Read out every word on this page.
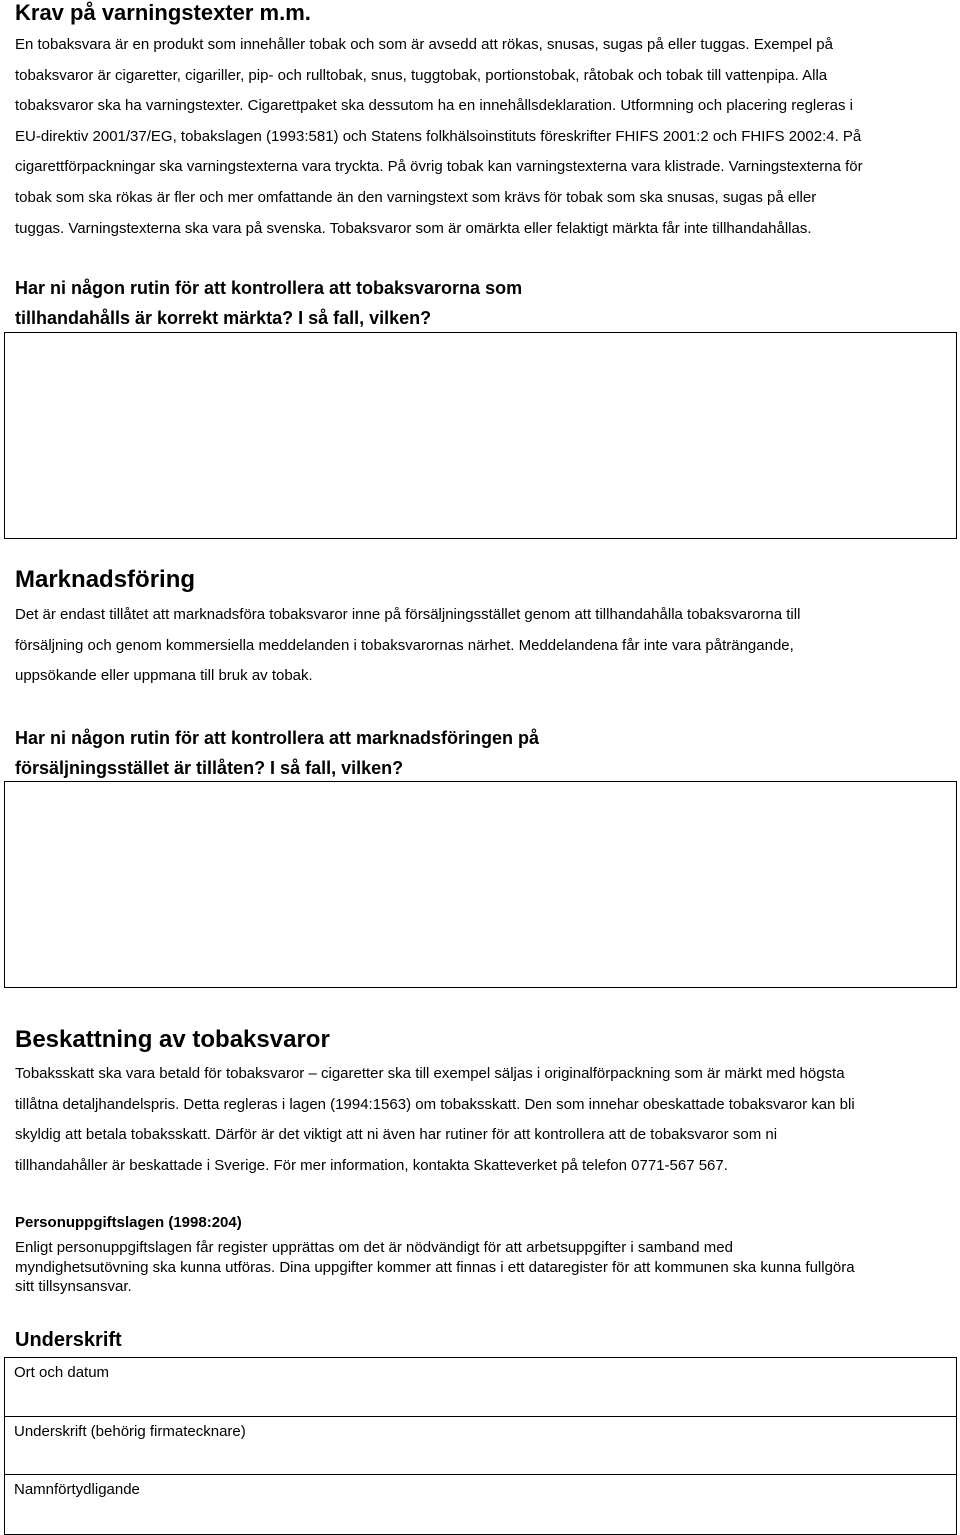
Krav på varningstexter m.m.
En tobaksvara är en produkt som innehåller tobak och som är avsedd att rökas, snusas, sugas på eller tuggas. Exempel på
tobaksvaror är cigaretter, cigariller, pip- och rulltobak, snus, tuggtobak, portionstobak, råtobak och tobak till vattenpipa. Alla
tobaksvaror ska ha varningstexter. Cigarettpaket ska dessutom ha en innehållsdeklaration. Utformning och placering regleras i
EU-direktiv 2001/37/EG, tobakslagen (1993:581) och Statens folkhälsoinstituts föreskrifter FHIFS 2001:2 och FHIFS 2002:4. På
cigarettförpackningar ska varningstexterna vara tryckta. På övrig tobak kan varningstexterna vara klistrade. Varningstexterna för
tobak som ska rökas är fler och mer omfattande än den varningstext som krävs för tobak som ska snusas, sugas på eller
tuggas. Varningstexterna ska vara på svenska. Tobaksvaror som är omärkta eller felaktigt märkta får inte tillhandahållas.
Har ni någon rutin för att kontrollera att tobaksvarorna som
tillhandahålls är korrekt märkta? I så fall, vilken?
Marknadsföring
Det är endast tillåtet att marknadsföra tobaksvaror inne på försäljningsstället genom att tillhandahålla tobaksvarorna till
försäljning och genom kommersiella meddelanden i tobaksvarornas närhet. Meddelandena får inte vara påträngande,
uppsökande eller uppmana till bruk av tobak.
Har ni någon rutin för att kontrollera att marknadsföringen på
försäljningsstället är tillåten? I så fall, vilken?
Beskattning av tobaksvaror
Tobaksskatt ska vara betald för tobaksvaror – cigaretter ska till exempel säljas i originalförpackning som är märkt med högsta
tillåtna detaljhandelspris. Detta regleras i lagen (1994:1563) om tobaksskatt. Den som innehar obeskattade tobaksvaror kan bli
skyldig att betala tobaksskatt. Därför är det viktigt att ni även har rutiner för att kontrollera att de tobaksvaror som ni
tillhandahåller är beskattade i Sverige. För mer information, kontakta Skatteverket på telefon 0771-567 567.
Personuppgiftslagen (1998:204)
Enligt personuppgiftslagen får register upprättas om det är nödvändigt för att arbetsuppgifter i samband med
myndighetsutövning ska kunna utföras. Dina uppgifter kommer att finnas i ett dataregister för att kommunen ska kunna fullgöra
sitt tillsynsansvar.
Underskrift
Ort och datum
Underskrift (behörig firmatecknare)
Namnförtydligande
